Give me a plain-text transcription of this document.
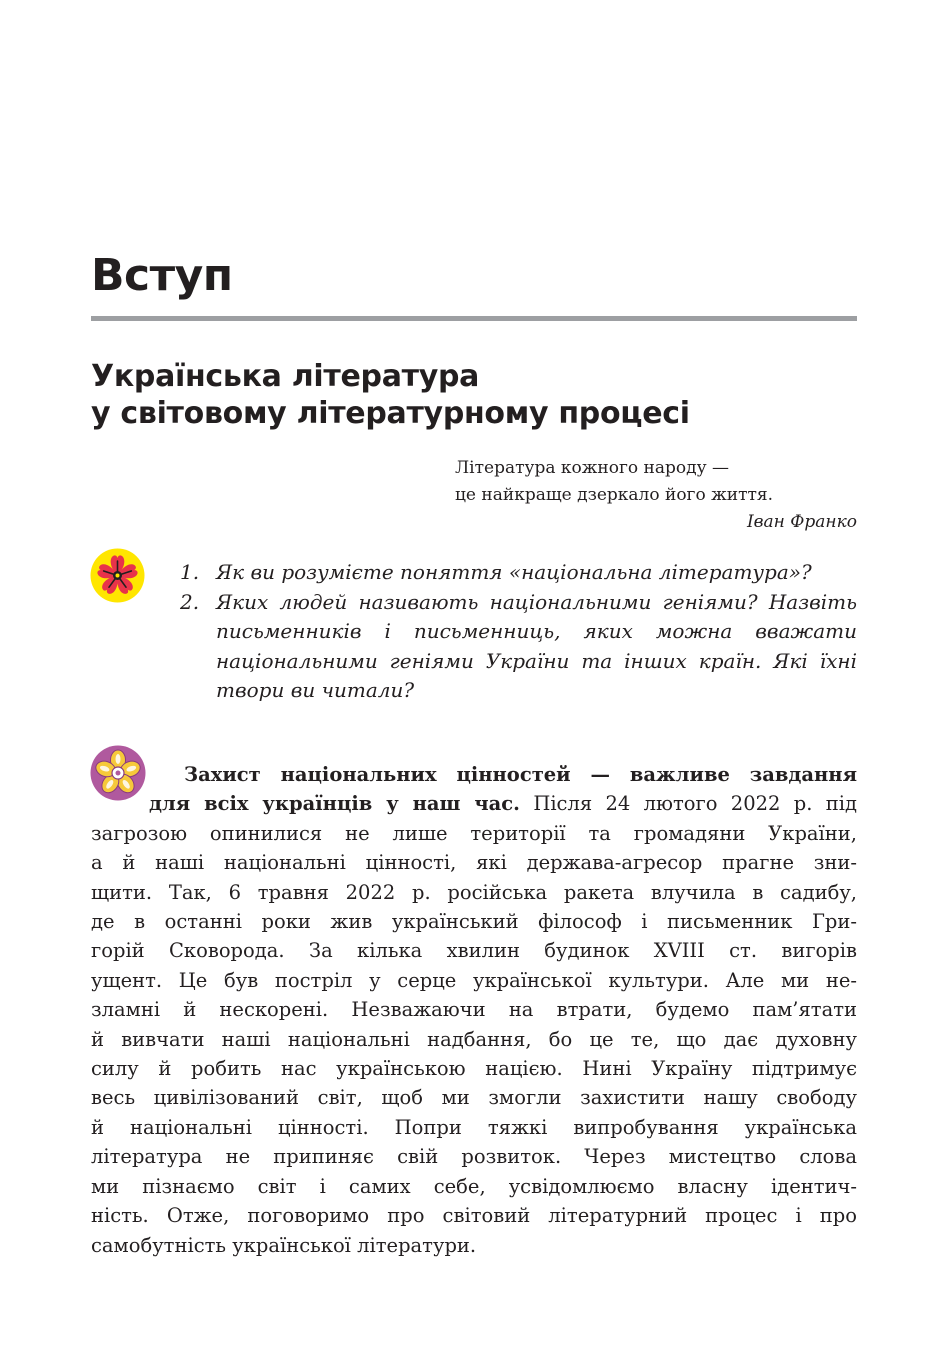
Вступ
Українська література
у світовому літературному процесі
Література кожного народу —
це найкраще дзеркало його життя.
Іван Франко
1. Як ви розумієте поняття «національна література»?
2. Яких людей називають національними геніями? Назвіть письменників і письменниць, яких можна вважати національними геніями України та інших країн. Які їхні твори ви читали?
Захист національних цінностей — важливе завдання
для всіх українців у наш час. Після 24 лютого 2022 р. під
загрозою опинилися не лише території та громадяни України,
а й наші національні цінності, які держава-агресор прагне зни-
щити. Так, 6 травня 2022 р. російська ракета влучила в садибу,
де в останні роки жив український філософ і письменник Гри-
горій Сковорода. За кілька хвилин будинок XVIII ст. вигорів
ущент. Це був постріл у серце української культури. Але ми не-
зламні й нескорені. Незважаючи на втрати, будемо пам’ятати
й вивчати наші національні надбання, бо це те, що дає духовну
силу й робить нас українською нацією. Нині Україну підтримує
весь цивілізований світ, щоб ми змогли захистити нашу свободу
й національні цінності. Попри тяжкі випробування українська
література не припиняє свій розвиток. Через мистецтво слова
ми пізнаємо світ і самих себе, усвідомлюємо власну ідентич-
ність. Отже, поговоримо про світовий літературний процес і про
самобутність української літератури.
